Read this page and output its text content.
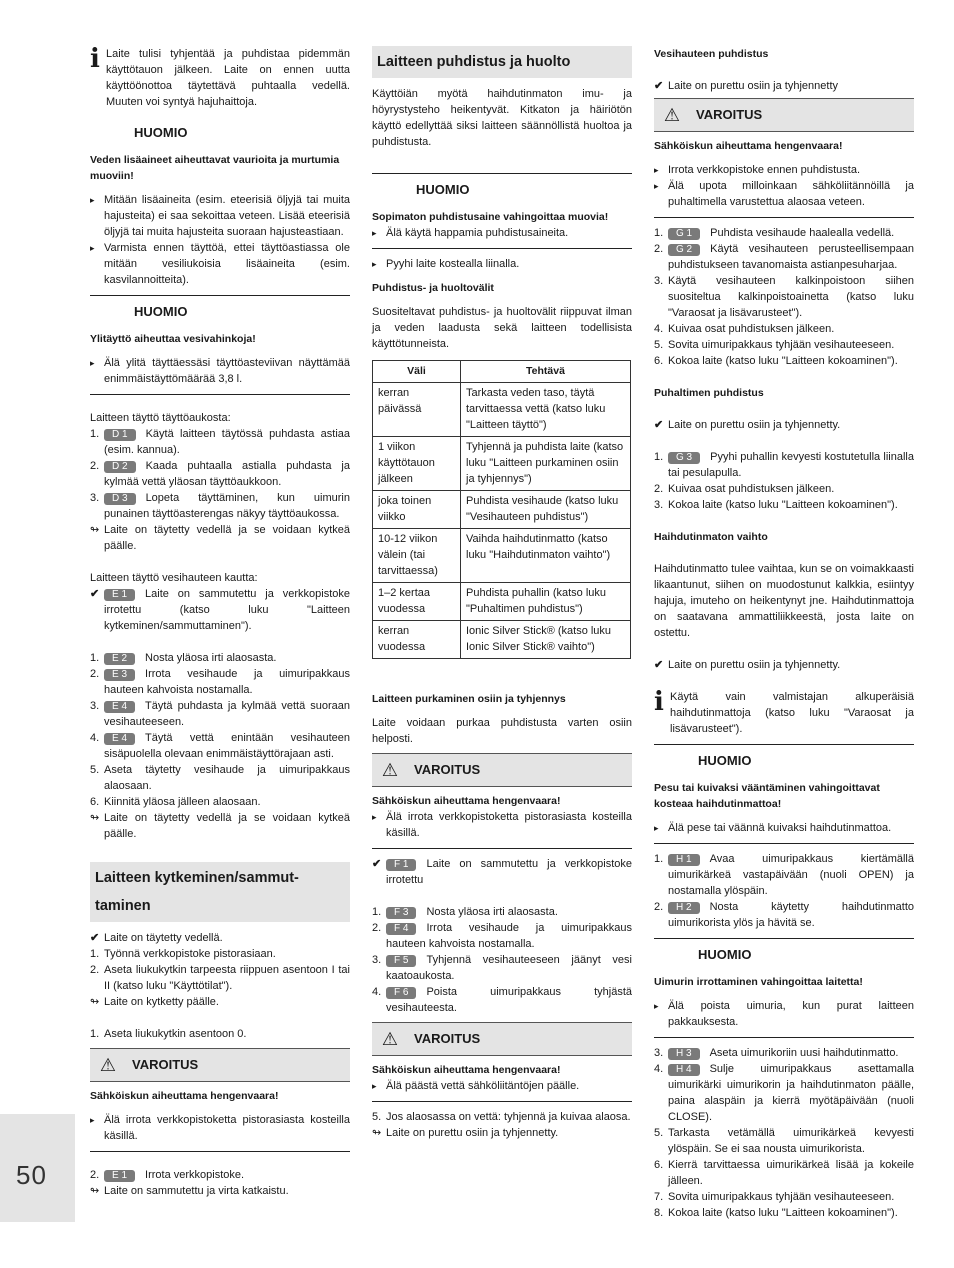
i Laite tulisi tyhjentää ja puhdistaa pidemmän käyttötauon jälkeen. Laite on ennen uutta käyttöönottoa täytettävä puhtaalla vedellä. Muuten voi syntyä hajuhaittoja.

HUOMIO

Veden lisäaineet aiheuttavat vaurioita ja murtumia muoviin!

▸ Mitään lisäaineita (esim. eteerisiä öljyjä tai muita hajusteita) ei saa sekoittaa veteen. Lisää eteerisiä öljyjä tai muita hajusteita suoraan hajusteastiaan.
▸ Varmista ennen täyttöä, ettei täyttöastiassa ole mitään vesiliukoisia lisäaineita (esim. kasvilannoitteita).
HUOMIO

Ylitäyttö aiheuttaa vesivahinkoja!

▸ Älä ylitä täyttäessäsi täyttöasteviivan näyttämää enimmäistäyttömäärää 3,8 l.

Laitteen täyttö täyttöaukosta:

1.	D 1 Käytä laitteen täytössä puhdasta astiaa (esim. kannua).
2.	D 2 Kaada puhtaalla astialla puhdasta ja kylmää vettä yläosan täyttöaukkoon.
3.	D 3 Lopeta täyttäminen, kun uimurin punainen täyttöasterengas näkyy täyttöaukossa.
↬ Laite on täytetty vedellä ja se voidaan kytkeä päälle.

Laitteen täyttö vesihauteen kautta:

✔	E 1 Laite on sammutettu ja verkkopistoke irrotettu (katso luku "Laitteen kytkeminen/sammuttaminen").
1.	E 2 Nosta yläosa irti alaosasta.
2.	E 3 Irrota vesihaude ja uimuripakkaus hauteen kahvoista nostamalla.
3.	E 4 Täytä puhdasta ja kylmää vettä suoraan vesihauteeseen.
4.	E 4 Täytä vettä enintään vesihauteen sisäpuolella olevaan enimmäistäyttörajaan asti.
5. Aseta täytetty vesihaude ja uimuripakkaus alaosaan.
6. Kiinnitä yläosa jälleen alaosaan.
↬ Laite on täytetty vedellä ja se voidaan kytkeä päälle.
Laitteen kytkeminen/sammut-taminen
✔ Laite on täytetty vedellä.
1. Työnnä verkkopistoke pistorasiaan.
2. Aseta liukukytkin tarpeesta riippuen asentoon I tai II (katso luku "Käyttötilat").
↬ Laite on kytketty päälle.
1. Aseta liukukytkin asentoon 0.
⚠	VAROITUS

Sähköiskun aiheuttama hengenvaara!

▸ Älä irrota verkkopistoketta pistorasiasta kosteilla käsillä.
2.	E 1 Irrota verkkopistoke.
↬ Laite on sammutettu ja virta katkaistu.
Laitteen puhdistus ja huolto

Käyttöiän myötä haihdutinmaton imu- ja höyrystysteho heikentyvät. Kitkaton ja häiriötön käyttö edellyttää siksi laitteen säännöllistä huoltoa ja puhdistusta.

HUOMIO

Sopimaton puhdistusaine vahingoittaa muovia!

▸ Älä käytä happamia puhdistusaineita.
▸ Pyyhi laite kostealla liinalla.

Puhdistus- ja huoltovälit

Suositeltavat puhdistus- ja huoltovälit riippuvat ilman ja veden laadusta sekä laitteen todellisista käyttötunneista.

Väli	Tehtävä
kerran päivässä	Tarkasta veden taso, täytä tarvittaessa vettä (katso luku "Laitteen täyttö")
1 viikon käyttötauon jälkeen	Tyhjennä ja puhdista laite (katso luku "Laitteen purkaminen osiin ja tyhjennys")
joka toinen viikko	Puhdista vesihaude (katso luku "Vesihauteen puhdistus")
10-12 viikon välein (tai tarvittaessa)	Vaihda haihdutinmatto (katso luku "Haihdutinmaton vaihto")
1–2 kertaa vuodessa	Puhdista puhallin (katso luku "Puhaltimen puhdistus")
kerran vuodessa	Ionic Silver Stick® (katso luku Ionic Silver Stick® vaihto")

Laitteen purkaminen osiin ja tyhjennys

Laite voidaan purkaa puhdistusta varten osiin helposti.

⚠	VAROITUS

Sähköiskun aiheuttama hengenvaara!

▸ Älä irrota verkkopistoketta pistorasiasta kosteilla käsillä.
✔	F 1 Laite on sammutettu ja verkkopistoke irrotettu
1.	F 3 Nosta yläosa irti alaosasta.
2.	F 4 Irrota vesihaude ja uimuripakkaus hauteen kahvoista nostamalla.
3.	F 5 Tyhjennä vesihauteeseen jäänyt vesi kaatoaukosta.
4.	F 6 Poista uimuripakkaus tyhjästä vesihauteesta.
⚠	VAROITUS

Sähköiskun aiheuttama hengenvaara!

▸ Älä päästä vettä sähköliitäntöjen päälle.
5. Jos alaosassa on vettä: tyhjennä ja kuivaa alaosa.
↬ Laite on purettu osiin ja tyhjennetty.

Vesihauteen puhdistus

✔ Laite on purettu osiin ja tyhjennetty
⚠	VAROITUS

Sähköiskun aiheuttama hengenvaara!

▸ Irrota verkkopistoke ennen puhdistusta.
▸ Älä upota milloinkaan sähköliitännöillä ja puhaltimella varustettua alaosaa veteen.
1.	G 1 Puhdista vesihaude haalealla vedellä.
2.	G 2 Käytä vesihauteen perusteellisempaan puhdistukseen tavanomaista astianpesuharjaa.
3. Käytä vesihauteen kalkinpoistoon siihen suositeltua kalkinpoistoainetta (katso luku "Varaosat ja lisävarusteet").
4. Kuivaa osat puhdistuksen jälkeen.
5. Sovita uimuripakkaus tyhjään vesihauteeseen.
6. Kokoa laite (katso luku "Laitteen kokoaminen").

Puhaltimen puhdistus

✔ Laite on purettu osiin ja tyhjennetty.
1.	G 3 Pyyhi puhallin kevyesti kostutetulla liinalla tai pesulapulla.
2. Kuivaa osat puhdistuksen jälkeen.
3. Kokoa laite (katso luku "Laitteen kokoaminen").

Haihdutinmaton vaihto

Haihdutinmatto tulee vaihtaa, kun se on voimakkaasti likaantunut, siihen on muodostunut kalkkia, esiintyy hajuja, imuteho on heikentynyt jne. Haihdutinmattoja on saatavana ammattiliikkeestä, josta laite on ostettu.

✔ Laite on purettu osiin ja tyhjennetty.
i Käytä vain valmistajan alkuperäisiä haihdutinmattoja (katso luku "Varaosat ja lisävarusteet").

HUOMIO

Pesu tai kuivaksi vääntäminen vahingoittavat kosteaa haihdutinmattoa!

▸ Älä pese tai väännä kuivaksi haihdutinmattoa.
1.	H 1 Avaa uimuripakkaus kiertämällä uimurikärkeä vastapäivään (nuoli OPEN) ja nostamalla ylöspäin.
2.	H 2 Nosta käytetty haihdutinmatto uimurikorista ylös ja hävitä se.
HUOMIO

Uimurin irrottaminen vahingoittaa laitetta!

▸ Älä poista uimuria, kun purat laitteen pakkauksesta.
3.	H 3 Aseta uimurikoriin uusi haihdutinmatto.
4.	H 4 Sulje uimuripakkaus asettamalla uimurikärki uimurikorin ja haihdutinmaton päälle, paina alaspäin ja kierrä myötäpäivään (nuoli CLOSE).
5. Tarkasta vetämällä uimurikärkeä kevyesti ylöspäin. Se ei saa nousta uimurikorista.
6. Kierrä tarvittaessa uimurikärkeä lisää ja kokeile jälleen.
7. Sovita uimuripakkaus tyhjään vesihauteeseen.
8. Kokoa laite (katso luku "Laitteen kokoaminen").
50
